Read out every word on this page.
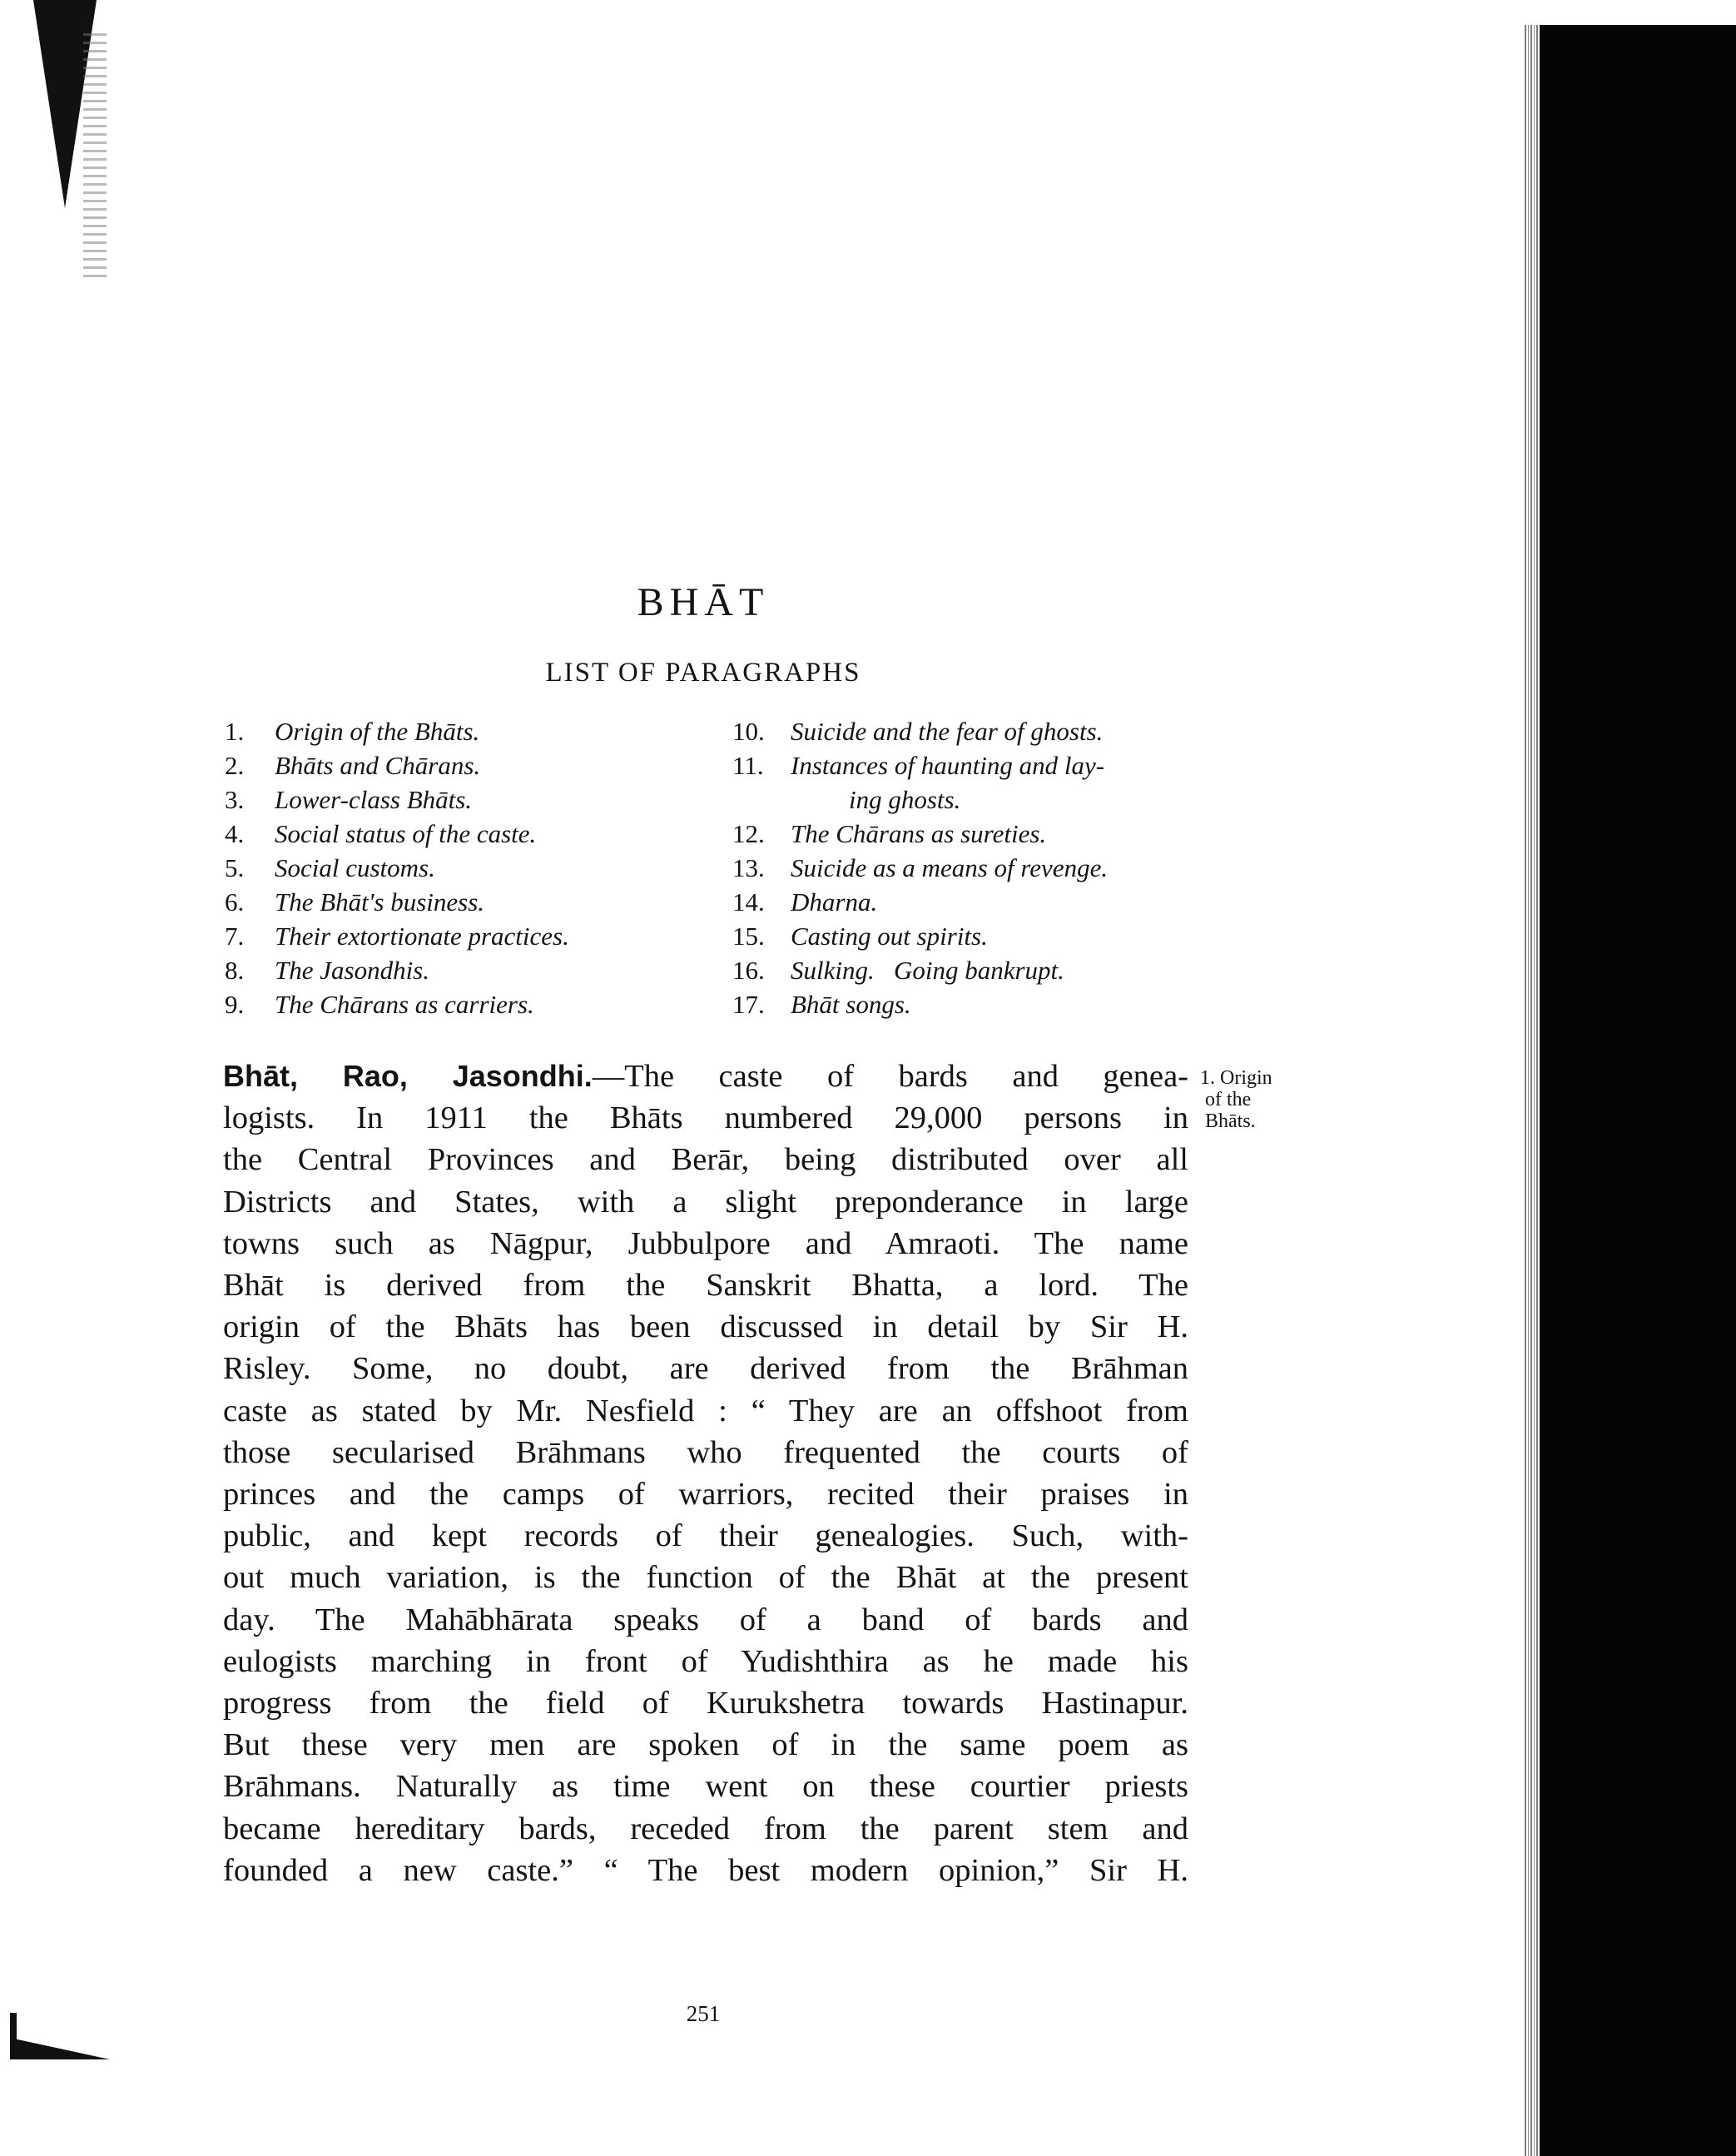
BHĀT
LIST OF PARAGRAPHS
1.	Origin of the Bhāts.
2.	Bhāts and Chārans.
3.	Lower-class Bhāts.
4.	Social status of the caste.
5.	Social customs.
6.	The Bhāt's business.
7.	Their extortionate practices.
8.	The Jasondhis.
9.	The Chārans as carriers.
10.	Suicide and the fear of ghosts.
11.	Instances of haunting and lay-
ing ghosts.
12.	The Chārans as sureties.
13.	Suicide as a means of revenge.
14.	Dharna.
15.	Casting out spirits.
16.	Sulking.   Going bankrupt.
17.	Bhāt songs.
Bhāt, Rao, Jasondhi.—The caste of bards and genea-
logists. In 1911 the Bhāts numbered 29,000 persons in
the Central Provinces and Berār, being distributed over all
Districts and States, with a slight preponderance in large
towns such as Nāgpur, Jubbulpore and Amraoti. The name
Bhāt is derived from the Sanskrit Bhatta, a lord. The
origin of the Bhāts has been discussed in detail by Sir H.
Risley. Some, no doubt, are derived from the Brāhman
caste as stated by Mr. Nesfield : “ They are an offshoot from
those secularised Brāhmans who frequented the courts of
princes and the camps of warriors, recited their praises in
public, and kept records of their genealogies. Such, with-
out much variation, is the function of the Bhāt at the present
day. The Mahābhārata speaks of a band of bards and
eulogists marching in front of Yudishthira as he made his
progress from the field of Kurukshetra towards Hastinapur.
But these very men are spoken of in the same poem as
Brāhmans. Naturally as time went on these courtier priests
became hereditary bards, receded from the parent stem and
founded a new caste.” “ The best modern opinion,” Sir H.
1. Origin
of the
Bhāts.
251
